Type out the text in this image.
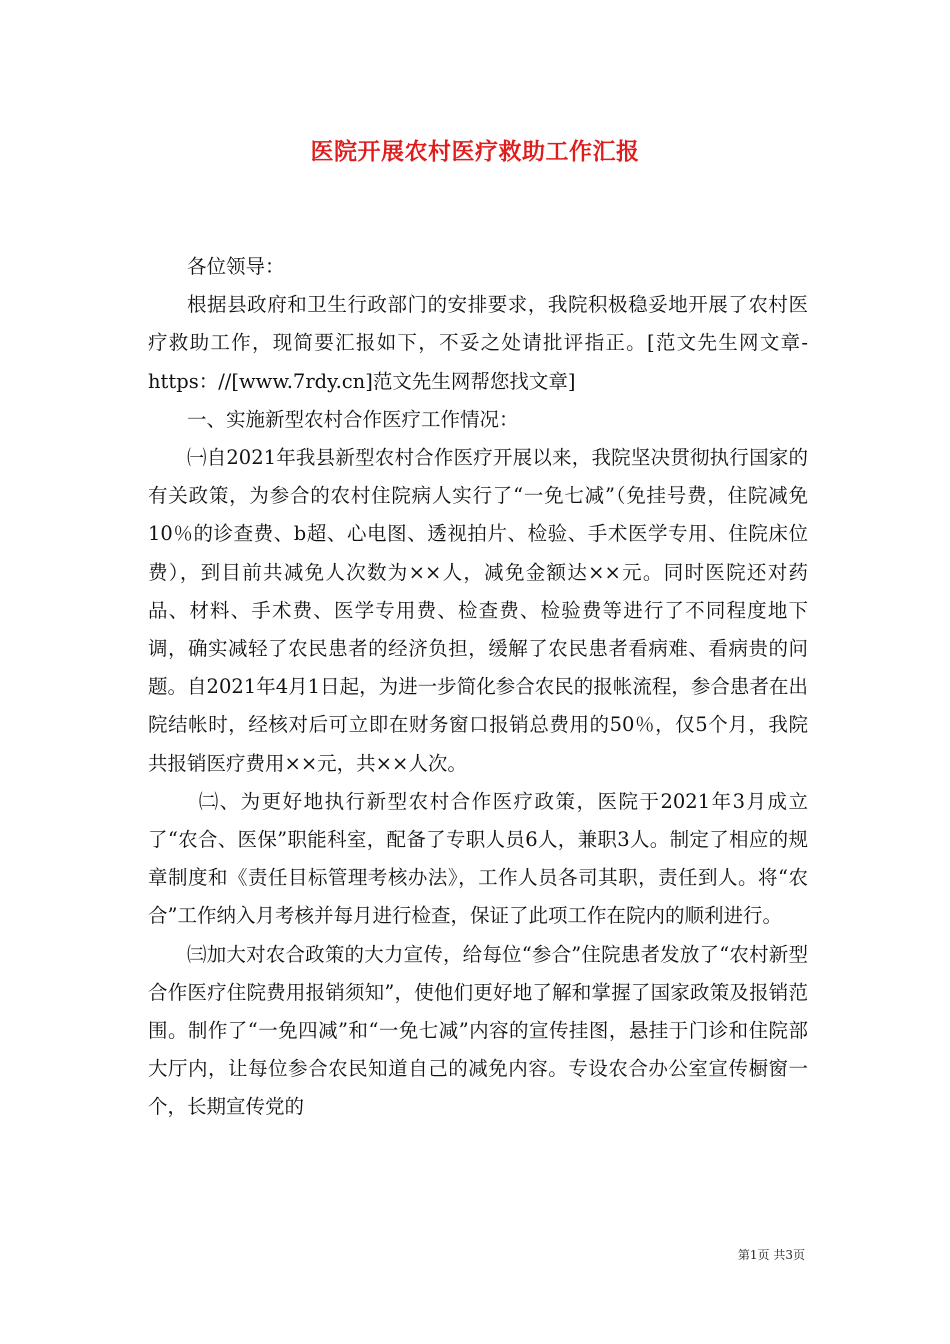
医院开展农村医疗救助工作汇报

各位领导：

根据县政府和卫生行政部门的安排要求，我院积极稳妥地开展了农村医疗救助工作，现简要汇报如下，不妥之处请批评指正。[范文先生网文章-https：//[www.7rdy.cn]范文先生网帮您找文章]

一、实施新型农村合作医疗工作情况：

㈠自2021年我县新型农村合作医疗开展以来，我院坚决贯彻执行国家的有关政策，为参合的农村住院病人实行了“一免七减”（免挂号费，住院减免10％的诊查费、b超、心电图、透视拍片、检验、手术医学专用、住院床位费），到目前共减免人次数为××人，减免金额达××元。同时医院还对药品、材料、手术费、医学专用费、检查费、检验费等进行了不同程度地下调，确实减轻了农民患者的经济负担，缓解了农民患者看病难、看病贵的问题。自2021年4月1日起，为进一步简化参合农民的报帐流程，参合患者在出院结帐时，经核对后可立即在财务窗口报销总费用的50％，仅5个月，我院共报销医疗费用××元，共××人次。

㈡、为更好地执行新型农村合作医疗政策，医院于2021年3月成立了“农合、医保”职能科室，配备了专职人员6人，兼职3人。制定了相应的规章制度和《责任目标管理考核办法》，工作人员各司其职，责任到人。将“农合”工作纳入月考核并每月进行检查，保证了此项工作在院内的顺利进行。

㈢加大对农合政策的大力宣传，给每位“参合”住院患者发放了“农村新型合作医疗住院费用报销须知”，使他们更好地了解和掌握了国家政策及报销范围。制作了“一免四减”和“一免七减”内容的宣传挂图，悬挂于门诊和住院部大厅内，让每位参合农民知道自己的减免内容。专设农合办公室宣传橱窗一个，长期宣传党的

第1页 共3页
